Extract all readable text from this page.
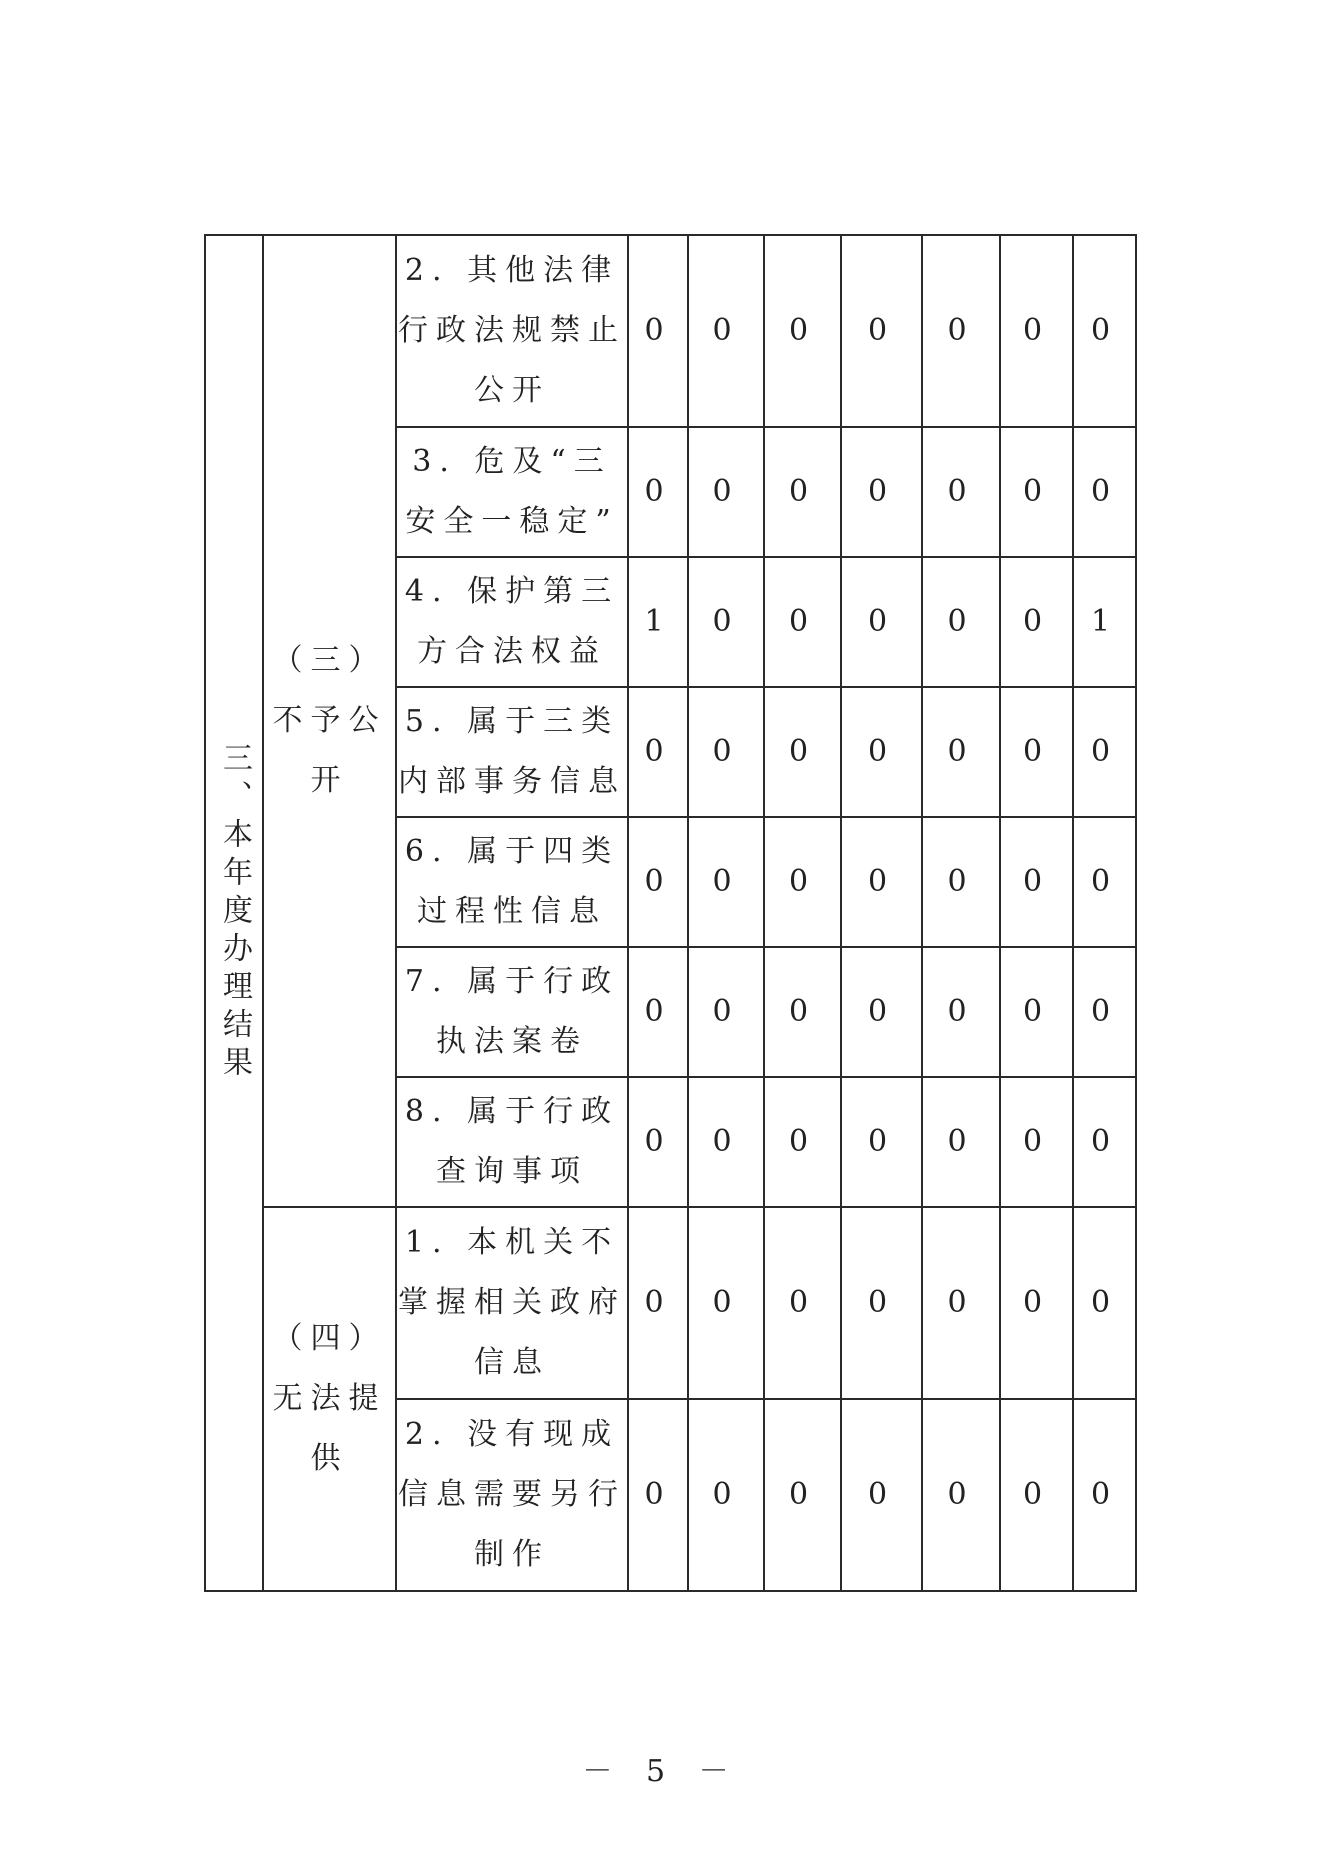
三、本年度办理结果	（三）不予公开	2. 其他法律行政法规禁止公开	0	0	0	0	0	0	0
		3. 危及“三安全一稳定”	0	0	0	0	0	0	0
		4. 保护第三方合法权益	1	0	0	0	0	0	1
		5. 属于三类内部事务信息	0	0	0	0	0	0	0
		6. 属于四类过程性信息	0	0	0	0	0	0	0
		7. 属于行政执法案卷	0	0	0	0	0	0	0
		8. 属于行政查询事项	0	0	0	0	0	0	0
	（四）无法提供	1. 本机关不掌握相关政府信息	0	0	0	0	0	0	0
		2. 没有现成信息需要另行制作	0	0	0	0	0	0	0
－ 5 －
